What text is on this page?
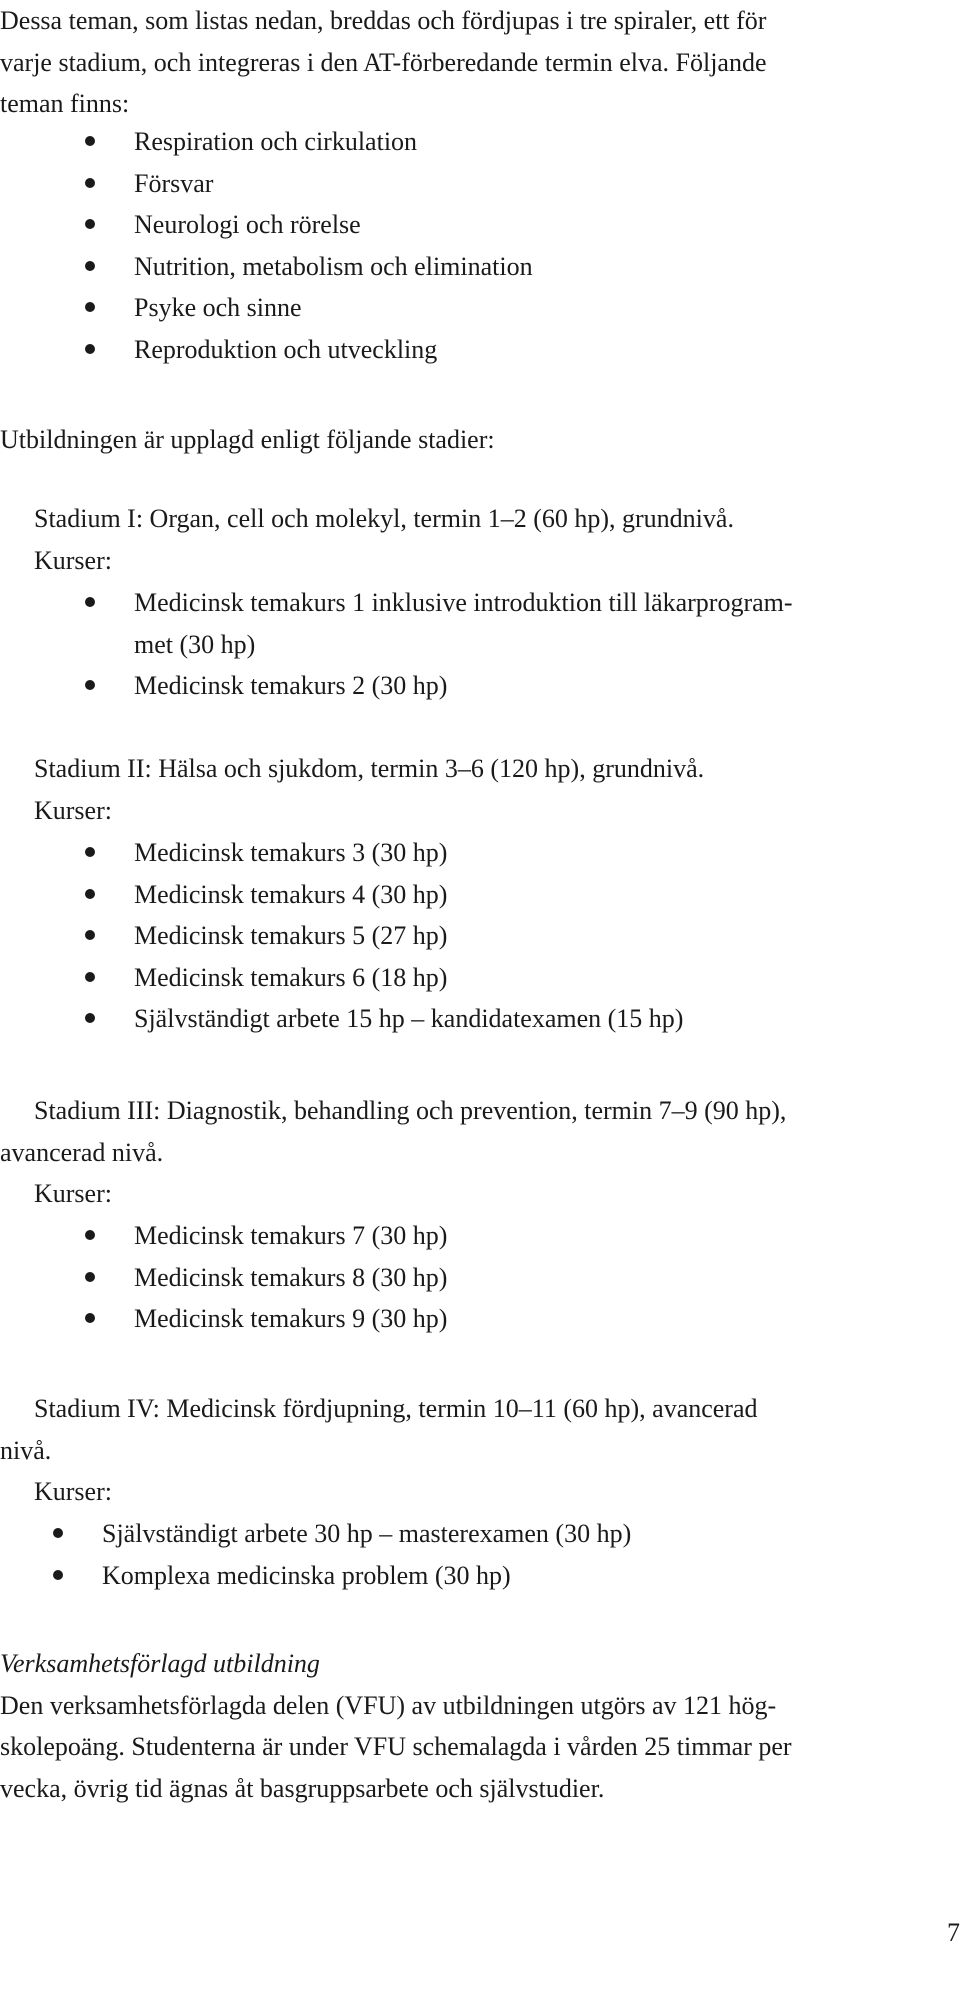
Dessa teman, som listas nedan, breddas och fördjupas i tre spiraler, ett för

varje stadium, och integreras i den AT-förberedande termin elva. Följande

teman finns:

Respiration och cirkulation
Försvar
Neurologi och rörelse
Nutrition, metabolism och elimination
Psyke och sinne
Reproduktion och utveckling

Utbildningen är upplagd enligt följande stadier:

Stadium I: Organ, cell och molekyl, termin 1–2 (60 hp), grundnivå.

Kurser:

Medicinsk temakurs 1 inklusive introduktion till läkarprogram-
met (30 hp)
Medicinsk temakurs 2 (30 hp)

Stadium II: Hälsa och sjukdom, termin 3–6 (120 hp), grundnivå.

Kurser:

Medicinsk temakurs 3 (30 hp)
Medicinsk temakurs 4 (30 hp)
Medicinsk temakurs 5 (27 hp)
Medicinsk temakurs 6 (18 hp)
Självständigt arbete 15 hp – kandidatexamen (15 hp)

Stadium III: Diagnostik, behandling och prevention, termin 7–9 (90 hp),

avancerad nivå.

Kurser:

Medicinsk temakurs 7 (30 hp)
Medicinsk temakurs 8 (30 hp)
Medicinsk temakurs 9 (30 hp)

Stadium IV: Medicinsk fördjupning, termin 10–11 (60 hp), avancerad

nivå.

Kurser:

Självständigt arbete 30 hp – masterexamen (30 hp)
Komplexa medicinska problem (30 hp)

Verksamhetsförlagd utbildning

Den verksamhetsförlagda delen (VFU) av utbildningen utgörs av 121 hög-

skolepoäng. Studenterna är under VFU schemalagda i vården 25 timmar per

vecka, övrig tid ägnas åt basgruppsarbete och självstudier.

7
